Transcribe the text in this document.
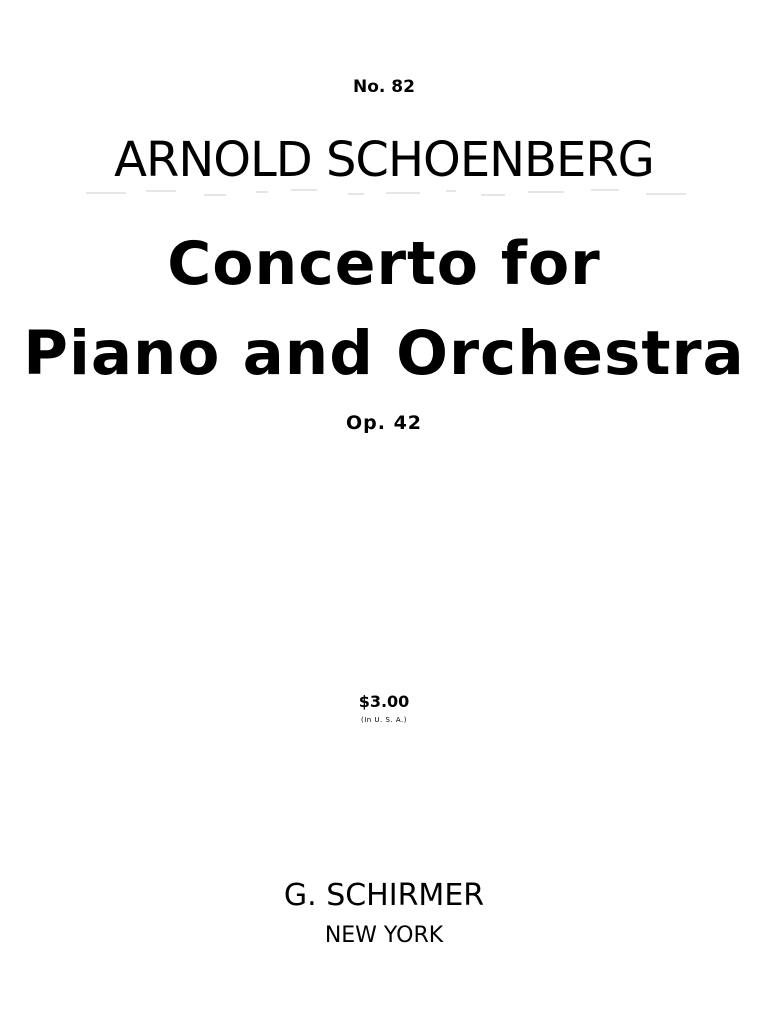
No. 82
ARNOLD SCHOENBERG
Concerto for
Piano and Orchestra
Op. 42
$3.00
(In U. S. A.)
G. SCHIRMER
NEW YORK
